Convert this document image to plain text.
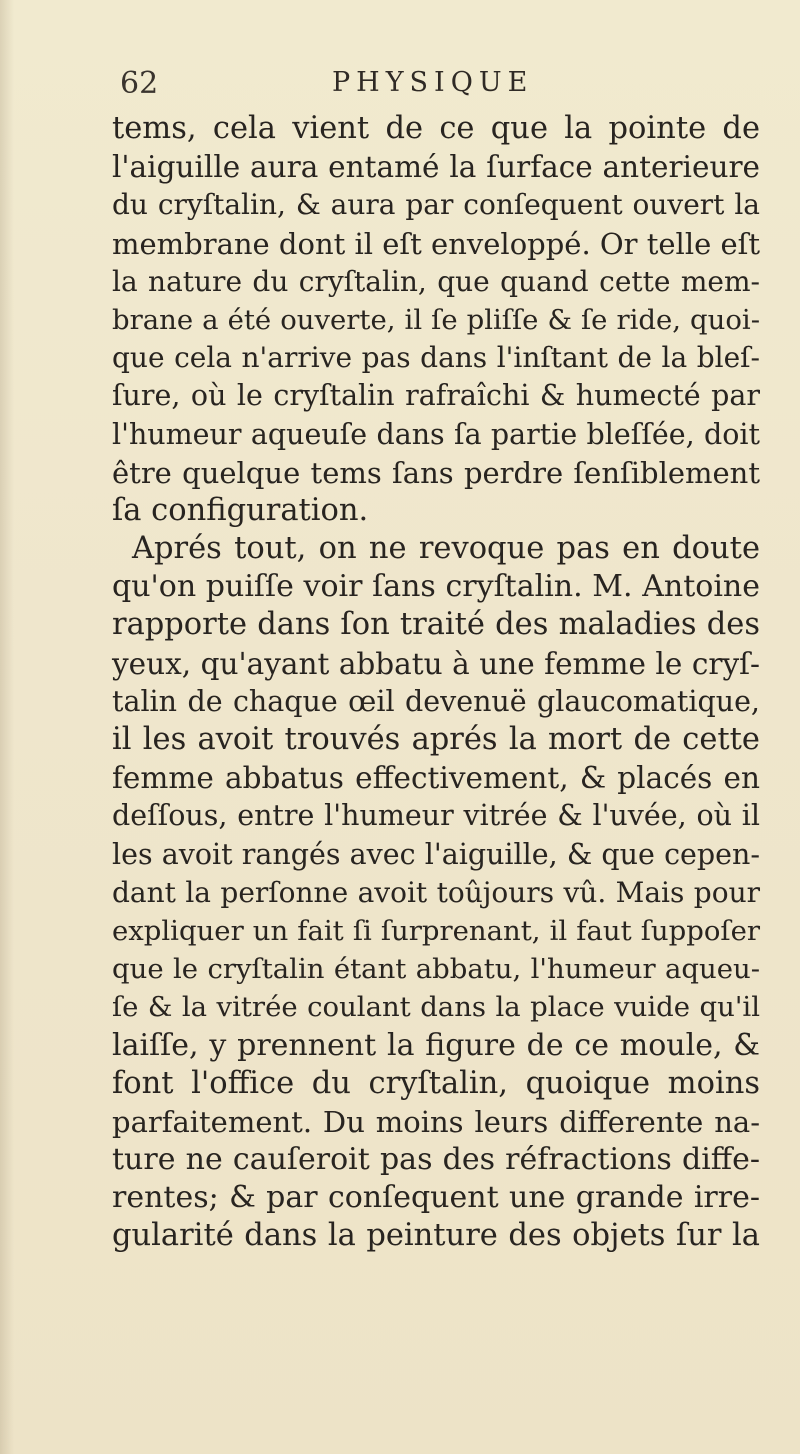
62	PHYSIQUE
tems, cela vient de ce que la pointe de
l'aiguille aura entamé la ſurface anterieure
du cryſtalin, & aura par conſequent ouvert la
membrane dont il eſt enveloppé. Or telle eſt
la nature du cryſtalin, que quand cette mem-
brane a été ouverte, il ſe pliſſe & ſe ride, quoi-
que cela n'arrive pas dans l'inſtant de la bleſ-
ſure, où le cryſtalin rafraîchi & humecté par
l'humeur aqueuſe dans ſa partie bleſſée, doit
être quelque tems ſans perdre ſenſiblement
ſa configuration.
Aprés tout, on ne revoque pas en doute
qu'on puiſſe voir ſans cryſtalin. M. Antoine
rapporte dans ſon traité des maladies des
yeux, qu'ayant abbatu à une femme le cryſ-
talin de chaque œil devenuë glaucomatique,
il les avoit trouvés aprés la mort de cette
femme abbatus effectivement, & placés en
deſſous, entre l'humeur vitrée & l'uvée, où il
les avoit rangés avec l'aiguille, & que cepen-
dant la perſonne avoit toûjours vû. Mais pour
expliquer un fait ſi ſurprenant, il faut ſuppoſer
que le cryſtalin étant abbatu, l'humeur aqueu-
ſe & la vitrée coulant dans la place vuide qu'il
laiſſe, y prennent la figure de ce moule, &
font l'office du cryſtalin, quoique moins
parfaitement. Du moins leurs differente na-
ture ne cauſeroit pas des réfractions diffe-
rentes; & par conſequent une grande irre-
gularité dans la peinture des objets ſur la
